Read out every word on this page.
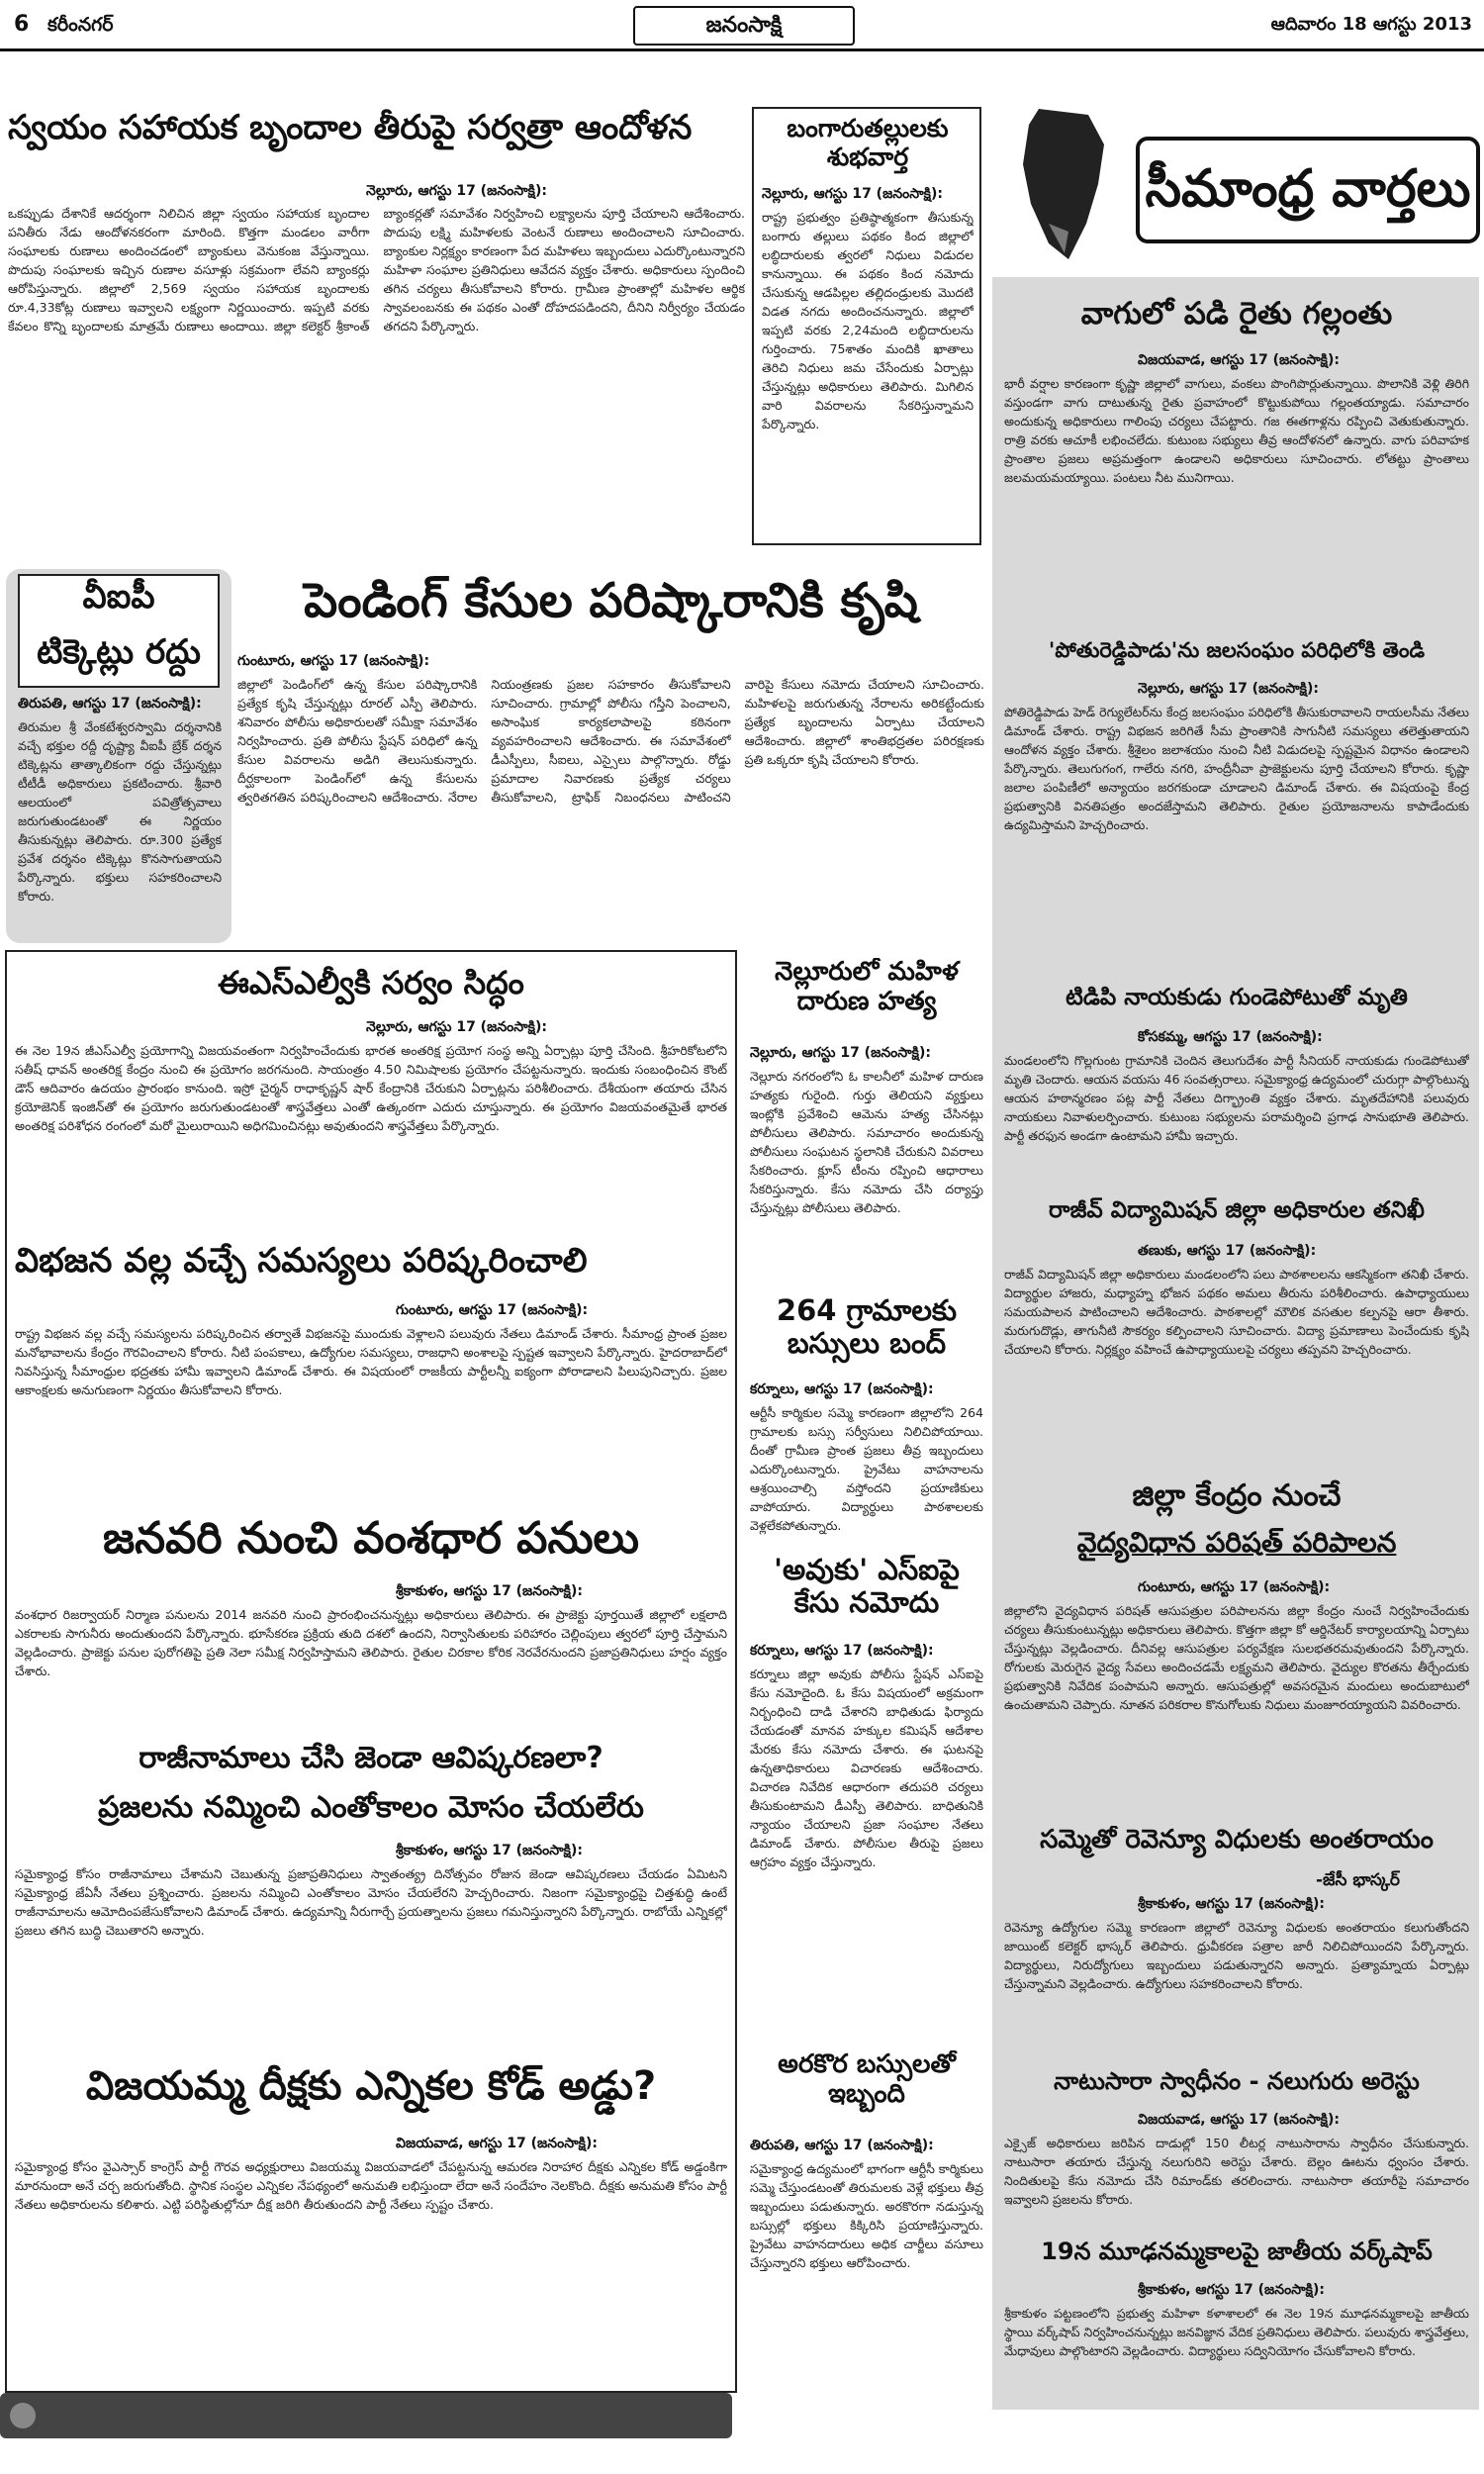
6 కరీంనగర్	జనంసాక్షి	ఆదివారం 18 ఆగస్టు 2013
స్వయం సహాయక బృందాల తీరుపై సర్వత్రా ఆందోళన
నెల్లూరు, ఆగస్టు 17 (జనంసాక్షి):
ఒకప్పుడు దేశానికే ఆదర్శంగా నిలిచిన జిల్లా స్వయం సహాయక బృందాల పనితీరు నేడు ఆందోళనకరంగా మారింది. కొత్తగా మండలం వారీగా సంఘాలకు రుణాలు అందించడంలో బ్యాంకులు వెనుకంజ వేస్తున్నాయి. పొదుపు సంఘాలకు ఇచ్చిన రుణాల వసూళ్లు సక్రమంగా లేవని బ్యాంకర్లు ఆరోపిస్తున్నారు. జిల్లాలో 2,569 స్వయం సహాయక బృందాలకు రూ.4,33కోట్ల రుణాలు ఇవ్వాలని లక్ష్యంగా నిర్ణయించారు. ఇప్పటి వరకు కేవలం కొన్ని బృందాలకు మాత్రమే రుణాలు అందాయి. జిల్లా కలెక్టర్ శ్రీకాంత్ బ్యాంకర్లతో సమావేశం నిర్వహించి లక్ష్యాలను పూర్తి చేయాలని ఆదేశించారు. పొదుపు లక్ష్మి మహిళలకు వెంటనే రుణాలు అందించాలని సూచించారు. బ్యాంకుల నిర్లక్ష్యం కారణంగా పేద మహిళలు ఇబ్బందులు ఎదుర్కొంటున్నారని మహిళా సంఘాల ప్రతినిధులు ఆవేదన వ్యక్తం చేశారు. అధికారులు స్పందించి తగిన చర్యలు తీసుకోవాలని కోరారు. గ్రామీణ ప్రాంతాల్లో మహిళల ఆర్థిక స్వావలంబనకు ఈ పథకం ఎంతో దోహదపడిందని, దీనిని నిర్వీర్యం చేయడం తగదని పేర్కొన్నారు.
బంగారుతల్లులకు శుభవార్త
నెల్లూరు, ఆగస్టు 17 (జనంసాక్షి):
రాష్ట్ర ప్రభుత్వం ప్రతిష్ఠాత్మకంగా తీసుకున్న బంగారు తల్లులు పథకం కింద జిల్లాలో లబ్ధిదారులకు త్వరలో నిధులు విడుదల కానున్నాయి. ఈ పథకం కింద నమోదు చేసుకున్న ఆడపిల్లల తల్లిదండ్రులకు మొదటి విడత నగదు అందించనున్నారు. జిల్లాలో ఇప్పటి వరకు 2,24మంది లబ్ధిదారులను గుర్తించారు. 75శాతం మందికి ఖాతాలు తెరిచి నిధులు జమ చేసేందుకు ఏర్పాట్లు చేస్తున్నట్లు అధికారులు తెలిపారు. మిగిలిన వారి వివరాలను సేకరిస్తున్నామని పేర్కొన్నారు.
సీమాంధ్ర వార్తలు
వాగులో పడి రైతు గల్లంతు
విజయవాడ, ఆగస్టు 17 (జనంసాక్షి):
భారీ వర్షాల కారణంగా కృష్ణా జిల్లాలో వాగులు, వంకలు పొంగిపొర్లుతున్నాయి. పొలానికి వెళ్లి తిరిగి వస్తుండగా వాగు దాటుతున్న రైతు ప్రవాహంలో కొట్టుకుపోయి గల్లంతయ్యాడు. సమాచారం అందుకున్న అధికారులు గాలింపు చర్యలు చేపట్టారు. గజ ఈతగాళ్లను రప్పించి వెతుకుతున్నారు. రాత్రి వరకు ఆచూకీ లభించలేదు. కుటుంబ సభ్యులు తీవ్ర ఆందోళనలో ఉన్నారు. వాగు పరివాహక ప్రాంతాల ప్రజలు అప్రమత్తంగా ఉండాలని అధికారులు సూచించారు. లోతట్టు ప్రాంతాలు జలమయమయ్యాయి. పంటలు నీట మునిగాయి.
'పోతురెడ్డిపాడు'ను జలసంఘం పరిధిలోకి తెండి
నెల్లూరు, ఆగస్టు 17 (జనంసాక్షి):
పోతిరెడ్డిపాడు హెడ్ రెగ్యులేటర్‌ను కేంద్ర జలసంఘం పరిధిలోకి తీసుకురావాలని రాయలసీమ నేతలు డిమాండ్ చేశారు. రాష్ట్ర విభజన జరిగితే సీమ ప్రాంతానికి సాగునీటి సమస్యలు తలెత్తుతాయని ఆందోళన వ్యక్తం చేశారు. శ్రీశైలం జలాశయం నుంచి నీటి విడుదలపై స్పష్టమైన విధానం ఉండాలని పేర్కొన్నారు. తెలుగుగంగ, గాలేరు నగరి, హంద్రీనీవా ప్రాజెక్టులను పూర్తి చేయాలని కోరారు. కృష్ణా జలాల పంపిణీలో అన్యాయం జరగకుండా చూడాలని డిమాండ్ చేశారు. ఈ విషయంపై కేంద్ర ప్రభుత్వానికి వినతిపత్రం అందజేస్తామని తెలిపారు. రైతుల ప్రయోజనాలను కాపాడేందుకు ఉద్యమిస్తామని హెచ్చరించారు.
టిడిపి నాయకుడు గుండెపోటుతో మృతి
కోసకమ్మ, ఆగస్టు 17 (జనంసాక్షి):
మండలంలోని గొల్లగుంట గ్రామానికి చెందిన తెలుగుదేశం పార్టీ సీనియర్ నాయకుడు గుండెపోటుతో మృతి చెందారు. ఆయన వయసు 46 సంవత్సరాలు. సమైక్యాంధ్ర ఉద్యమంలో చురుగ్గా పాల్గొంటున్న ఆయన హఠాన్మరణం పట్ల పార్టీ నేతలు దిగ్భ్రాంతి వ్యక్తం చేశారు. మృతదేహానికి పలువురు నాయకులు నివాళులర్పించారు. కుటుంబ సభ్యులను పరామర్శించి ప్రగాఢ సానుభూతి తెలిపారు. పార్టీ తరఫున అండగా ఉంటామని హామీ ఇచ్చారు.
రాజీవ్ విద్యామిషన్ జిల్లా అధికారుల తనిఖీ
తణుకు, ఆగస్టు 17 (జనంసాక్షి):
రాజీవ్ విద్యామిషన్ జిల్లా అధికారులు మండలంలోని పలు పాఠశాలలను ఆకస్మికంగా తనిఖీ చేశారు. విద్యార్థుల హాజరు, మధ్యాహ్న భోజన పథకం అమలు తీరును పరిశీలించారు. ఉపాధ్యాయులు సమయపాలన పాటించాలని ఆదేశించారు. పాఠశాలల్లో మౌలిక వసతుల కల్పనపై ఆరా తీశారు. మరుగుదొడ్లు, తాగునీటి సౌకర్యం కల్పించాలని సూచించారు. విద్యా ప్రమాణాలు పెంచేందుకు కృషి చేయాలని కోరారు. నిర్లక్ష్యం వహించే ఉపాధ్యాయులపై చర్యలు తప్పవని హెచ్చరించారు.
జిల్లా కేంద్రం నుంచే
వైద్యవిధాన పరిషత్ పరిపాలన
గుంటూరు, ఆగస్టు 17 (జనంసాక్షి):
జిల్లాలోని వైద్యవిధాన పరిషత్ ఆసుపత్రుల పరిపాలనను జిల్లా కేంద్రం నుంచే నిర్వహించేందుకు చర్యలు తీసుకుంటున్నట్లు అధికారులు తెలిపారు. కొత్తగా జిల్లా కో ఆర్డినేటర్ కార్యాలయాన్ని ఏర్పాటు చేస్తున్నట్లు వెల్లడించారు. దీనివల్ల ఆసుపత్రుల పర్యవేక్షణ సులభతరమవుతుందని పేర్కొన్నారు. రోగులకు మెరుగైన వైద్య సేవలు అందించడమే లక్ష్యమని తెలిపారు. వైద్యుల కొరతను తీర్చేందుకు ప్రభుత్వానికి నివేదిక పంపామని అన్నారు. ఆసుపత్రుల్లో అవసరమైన మందులు అందుబాటులో ఉంచుతామని చెప్పారు. నూతన పరికరాల కొనుగోలుకు నిధులు మంజూరయ్యాయని వివరించారు.
సమ్మెతో రెవెన్యూ విధులకు అంతరాయం
-జేసీ భాస్కర్
శ్రీకాకుళం, ఆగస్టు 17 (జనంసాక్షి):
రెవెన్యూ ఉద్యోగుల సమ్మె కారణంగా జిల్లాలో రెవెన్యూ విధులకు అంతరాయం కలుగుతోందని జాయింట్ కలెక్టర్ భాస్కర్ తెలిపారు. ధ్రువీకరణ పత్రాల జారీ నిలిచిపోయిందని పేర్కొన్నారు. విద్యార్థులు, నిరుద్యోగులు ఇబ్బందులు పడుతున్నారని అన్నారు. ప్రత్యామ్నాయ ఏర్పాట్లు చేస్తున్నామని వెల్లడించారు. ఉద్యోగులు సహకరించాలని కోరారు.
నాటుసారా స్వాధీనం - నలుగురు అరెస్టు
విజయవాడ, ఆగస్టు 17 (జనంసాక్షి):
ఎక్సైజ్ అధికారులు జరిపిన దాడుల్లో 150 లీటర్ల నాటుసారాను స్వాధీనం చేసుకున్నారు. నాటుసారా తయారు చేస్తున్న నలుగురిని అరెస్టు చేశారు. బెల్లం ఊటను ధ్వంసం చేశారు. నిందితులపై కేసు నమోదు చేసి రిమాండ్‌కు తరలించారు. నాటుసారా తయారీపై సమాచారం ఇవ్వాలని ప్రజలను కోరారు.
19న మూఢనమ్మకాలపై జాతీయ వర్క్‌షాప్
శ్రీకాకుళం, ఆగస్టు 17 (జనంసాక్షి):
శ్రీకాకుళం పట్టణంలోని ప్రభుత్వ మహిళా కళాశాలలో ఈ నెల 19న మూఢనమ్మకాలపై జాతీయ స్థాయి వర్క్‌షాప్ నిర్వహించనున్నట్లు జనవిజ్ఞాన వేదిక ప్రతినిధులు తెలిపారు. పలువురు శాస్త్రవేత్తలు, మేధావులు పాల్గొంటారని వెల్లడించారు. విద్యార్థులు సద్వినియోగం చేసుకోవాలని కోరారు.
వీఐపీ
టిక్కెట్లు రద్దు
తిరుపతి, ఆగస్టు 17 (జనంసాక్షి):
తిరుమల శ్రీ వేంకటేశ్వరస్వామి దర్శనానికి వచ్చే భక్తుల రద్దీ దృష్ట్యా వీఐపీ బ్రేక్ దర్శన టిక్కెట్లను తాత్కాలికంగా రద్దు చేస్తున్నట్లు టీటీడీ అధికారులు ప్రకటించారు. శ్రీవారి ఆలయంలో పవిత్రోత్సవాలు జరుగుతుండటంతో ఈ నిర్ణయం తీసుకున్నట్లు తెలిపారు. రూ.300 ప్రత్యేక ప్రవేశ దర్శనం టిక్కెట్లు కొనసాగుతాయని పేర్కొన్నారు. భక్తులు సహకరించాలని కోరారు.
పెండింగ్ కేసుల పరిష్కారానికి కృషి
గుంటూరు, ఆగస్టు 17 (జనంసాక్షి):
జిల్లాలో పెండింగ్‌లో ఉన్న కేసుల పరిష్కారానికి ప్రత్యేక కృషి చేస్తున్నట్లు రూరల్ ఎస్పీ తెలిపారు. శనివారం పోలీసు అధికారులతో సమీక్షా సమావేశం నిర్వహించారు. ప్రతి పోలీసు స్టేషన్ పరిధిలో ఉన్న కేసుల వివరాలను అడిగి తెలుసుకున్నారు. దీర్ఘకాలంగా పెండింగ్‌లో ఉన్న కేసులను త్వరితగతిన పరిష్కరించాలని ఆదేశించారు. నేరాల నియంత్రణకు ప్రజల సహకారం తీసుకోవాలని సూచించారు. గ్రామాల్లో పోలీసు గస్తీని పెంచాలని, అసాంఘిక కార్యకలాపాలపై కఠినంగా వ్యవహరించాలని ఆదేశించారు. ఈ సమావేశంలో డీఎస్పీలు, సీఐలు, ఎస్సైలు పాల్గొన్నారు. రోడ్డు ప్రమాదాల నివారణకు ప్రత్యేక చర్యలు తీసుకోవాలని, ట్రాఫిక్ నిబంధనలు పాటించని వారిపై కేసులు నమోదు చేయాలని సూచించారు. మహిళలపై జరుగుతున్న నేరాలను అరికట్టేందుకు ప్రత్యేక బృందాలను ఏర్పాటు చేయాలని ఆదేశించారు. జిల్లాలో శాంతిభద్రతల పరిరక్షణకు ప్రతి ఒక్కరూ కృషి చేయాలని కోరారు.
ఈఎస్ఎల్వీకి సర్వం సిద్ధం
నెల్లూరు, ఆగస్టు 17 (జనంసాక్షి):
ఈ నెల 19న జీఎస్ఎల్వీ ప్రయోగాన్ని విజయవంతంగా నిర్వహించేందుకు భారత అంతరిక్ష ప్రయోగ సంస్థ అన్ని ఏర్పాట్లు పూర్తి చేసింది. శ్రీహరికోటలోని సతీష్ ధావన్ అంతరిక్ష కేంద్రం నుంచి ఈ ప్రయోగం జరగనుంది. సాయంత్రం 4.50 నిమిషాలకు ప్రయోగం చేపట్టనున్నారు. ఇందుకు సంబంధించిన కౌంట్ డౌన్ ఆదివారం ఉదయం ప్రారంభం కానుంది. ఇస్రో చైర్మన్ రాధాకృష్ణన్ షార్ కేంద్రానికి చేరుకుని ఏర్పాట్లను పరిశీలించారు. దేశీయంగా తయారు చేసిన క్రయోజెనిక్ ఇంజిన్‌తో ఈ ప్రయోగం జరుగుతుండటంతో శాస్త్రవేత్తలు ఎంతో ఉత్కంఠగా ఎదురు చూస్తున్నారు. ఈ ప్రయోగం విజయవంతమైతే భారత అంతరిక్ష పరిశోధన రంగంలో మరో మైలురాయిని అధిగమించినట్లు అవుతుందని శాస్త్రవేత్తలు పేర్కొన్నారు.
విభజన వల్ల వచ్చే సమస్యలు పరిష్కరించాలి
గుంటూరు, ఆగస్టు 17 (జనంసాక్షి):
రాష్ట్ర విభజన వల్ల వచ్చే సమస్యలను పరిష్కరించిన తర్వాతే విభజనపై ముందుకు వెళ్లాలని పలువురు నేతలు డిమాండ్ చేశారు. సీమాంధ్ర ప్రాంత ప్రజల మనోభావాలను కేంద్రం గౌరవించాలని కోరారు. నీటి పంపకాలు, ఉద్యోగుల సమస్యలు, రాజధాని అంశాలపై స్పష్టత ఇవ్వాలని పేర్కొన్నారు. హైదరాబాద్‌లో నివసిస్తున్న సీమాంధ్రుల భద్రతకు హామీ ఇవ్వాలని డిమాండ్ చేశారు. ఈ విషయంలో రాజకీయ పార్టీలన్నీ ఐక్యంగా పోరాడాలని పిలుపునిచ్చారు. ప్రజల ఆకాంక్షలకు అనుగుణంగా నిర్ణయం తీసుకోవాలని కోరారు.
జనవరి నుంచి వంశధార పనులు
శ్రీకాకుళం, ఆగస్టు 17 (జనంసాక్షి):
వంశధార రిజర్వాయర్ నిర్మాణ పనులను 2014 జనవరి నుంచి ప్రారంభించనున్నట్లు అధికారులు తెలిపారు. ఈ ప్రాజెక్టు పూర్తయితే జిల్లాలో లక్షలాది ఎకరాలకు సాగునీరు అందుతుందని పేర్కొన్నారు. భూసేకరణ ప్రక్రియ తుది దశలో ఉందని, నిర్వాసితులకు పరిహారం చెల్లింపులు త్వరలో పూర్తి చేస్తామని వెల్లడించారు. ప్రాజెక్టు పనుల పురోగతిపై ప్రతి నెలా సమీక్ష నిర్వహిస్తామని తెలిపారు. రైతుల చిరకాల కోరిక నెరవేరనుందని ప్రజాప్రతినిధులు హర్షం వ్యక్తం చేశారు.
రాజీనామాలు చేసి జెండా ఆవిష్కరణలా?
ప్రజలను నమ్మించి ఎంతోకాలం మోసం చేయలేరు
శ్రీకాకుళం, ఆగస్టు 17 (జనంసాక్షి):
సమైక్యాంధ్ర కోసం రాజీనామాలు చేశామని చెబుతున్న ప్రజాప్రతినిధులు స్వాతంత్య్ర దినోత్సవం రోజున జెండా ఆవిష్కరణలు చేయడం ఏమిటని సమైక్యాంధ్ర జేఏసీ నేతలు ప్రశ్నించారు. ప్రజలను నమ్మించి ఎంతోకాలం మోసం చేయలేరని హెచ్చరించారు. నిజంగా సమైక్యాంధ్రపై చిత్తశుద్ధి ఉంటే రాజీనామాలను ఆమోదింపజేసుకోవాలని డిమాండ్ చేశారు. ఉద్యమాన్ని నీరుగార్చే ప్రయత్నాలను ప్రజలు గమనిస్తున్నారని పేర్కొన్నారు. రాబోయే ఎన్నికల్లో ప్రజలు తగిన బుద్ధి చెబుతారని అన్నారు.
విజయమ్మ దీక్షకు ఎన్నికల కోడ్ అడ్డు?
విజయవాడ, ఆగస్టు 17 (జనంసాక్షి):
సమైక్యాంధ్ర కోసం వైఎస్సార్ కాంగ్రెస్ పార్టీ గౌరవ అధ్యక్షురాలు విజయమ్మ విజయవాడలో చేపట్టనున్న ఆమరణ నిరాహార దీక్షకు ఎన్నికల కోడ్ అడ్డంకిగా మారనుందా అనే చర్చ జరుగుతోంది. స్థానిక సంస్థల ఎన్నికల నేపథ్యంలో అనుమతి లభిస్తుందా లేదా అనే సందేహం నెలకొంది. దీక్షకు అనుమతి కోసం పార్టీ నేతలు అధికారులను కలిశారు. ఎట్టి పరిస్థితుల్లోనూ దీక్ష జరిగి తీరుతుందని పార్టీ నేతలు స్పష్టం చేశారు.
నెల్లూరులో మహిళ దారుణ హత్య
నెల్లూరు, ఆగస్టు 17 (జనంసాక్షి):
నెల్లూరు నగరంలోని ఓ కాలనీలో మహిళ దారుణ హత్యకు గురైంది. గుర్తు తెలియని వ్యక్తులు ఇంట్లోకి ప్రవేశించి ఆమెను హత్య చేసినట్లు పోలీసులు తెలిపారు. సమాచారం అందుకున్న పోలీసులు సంఘటన స్థలానికి చేరుకుని వివరాలు సేకరించారు. క్లూస్ టీంను రప్పించి ఆధారాలు సేకరిస్తున్నారు. కేసు నమోదు చేసి దర్యాప్తు చేస్తున్నట్లు పోలీసులు తెలిపారు.
264 గ్రామాలకు బస్సులు బంద్
కర్నూలు, ఆగస్టు 17 (జనంసాక్షి):
ఆర్టీసీ కార్మికుల సమ్మె కారణంగా జిల్లాలోని 264 గ్రామాలకు బస్సు సర్వీసులు నిలిచిపోయాయి. దీంతో గ్రామీణ ప్రాంత ప్రజలు తీవ్ర ఇబ్బందులు ఎదుర్కొంటున్నారు. ప్రైవేటు వాహనాలను ఆశ్రయించాల్సి వస్తోందని ప్రయాణికులు వాపోయారు. విద్యార్థులు పాఠశాలలకు వెళ్లలేకపోతున్నారు.
'అవుకు' ఎస్ఐపై కేసు నమోదు
కర్నూలు, ఆగస్టు 17 (జనంసాక్షి):
కర్నూలు జిల్లా అవుకు పోలీసు స్టేషన్ ఎస్ఐపై కేసు నమోదైంది. ఓ కేసు విషయంలో అక్రమంగా నిర్బంధించి దాడి చేశారని బాధితుడు ఫిర్యాదు చేయడంతో మానవ హక్కుల కమిషన్ ఆదేశాల మేరకు కేసు నమోదు చేశారు. ఈ ఘటనపై ఉన్నతాధికారులు విచారణకు ఆదేశించారు. విచారణ నివేదిక ఆధారంగా తదుపరి చర్యలు తీసుకుంటామని డీఎస్పీ తెలిపారు. బాధితునికి న్యాయం చేయాలని ప్రజా సంఘాల నేతలు డిమాండ్ చేశారు. పోలీసుల తీరుపై ప్రజలు ఆగ్రహం వ్యక్తం చేస్తున్నారు.
అరకొర బస్సులతో ఇబ్బంది
తిరుపతి, ఆగస్టు 17 (జనంసాక్షి):
సమైక్యాంధ్ర ఉద్యమంలో భాగంగా ఆర్టీసీ కార్మికులు సమ్మె చేస్తుండటంతో తిరుమలకు వెళ్లే భక్తులు తీవ్ర ఇబ్బందులు పడుతున్నారు. అరకొరగా నడుస్తున్న బస్సుల్లో భక్తులు కిక్కిరిసి ప్రయాణిస్తున్నారు. ప్రైవేటు వాహనదారులు అధిక చార్జీలు వసూలు చేస్తున్నారని భక్తులు ఆరోపించారు.
